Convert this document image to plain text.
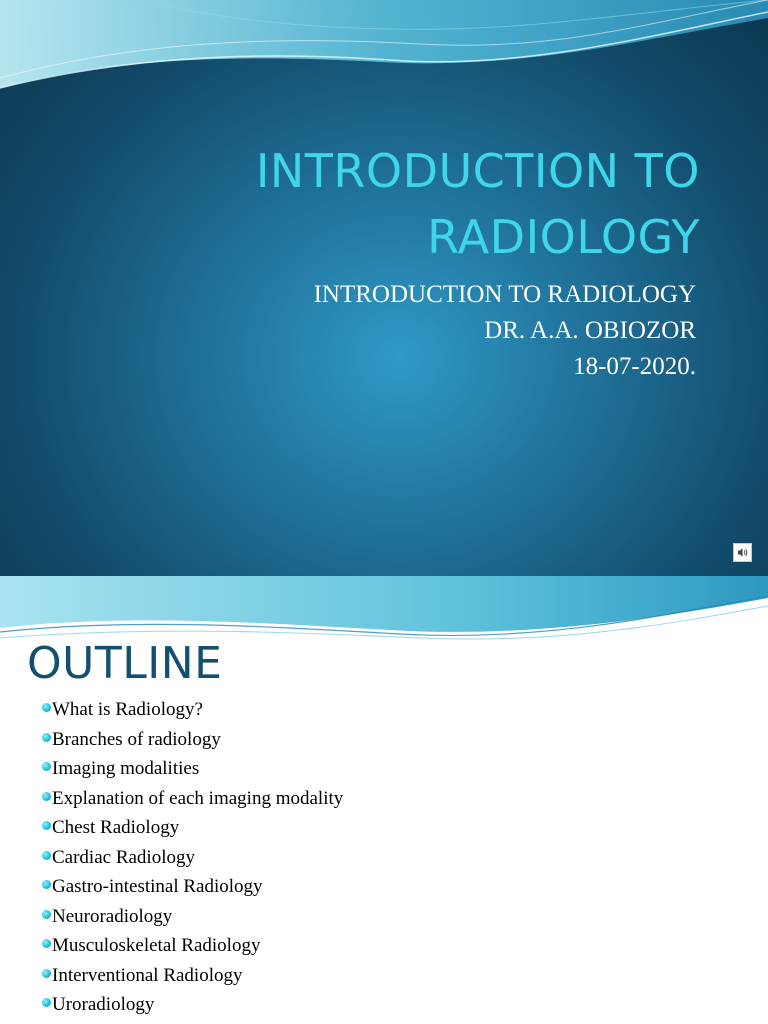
INTRODUCTION TO RADIOLOGY
INTRODUCTION TO RADIOLOGY
DR. A.A. OBIOZOR
18-07-2020.
OUTLINE
What is Radiology?
Branches of radiology
Imaging modalities
Explanation of each imaging modality
Chest Radiology
Cardiac Radiology
Gastro-intestinal Radiology
Neuroradiology
Musculoskeletal Radiology
Interventional Radiology
Uroradiology
